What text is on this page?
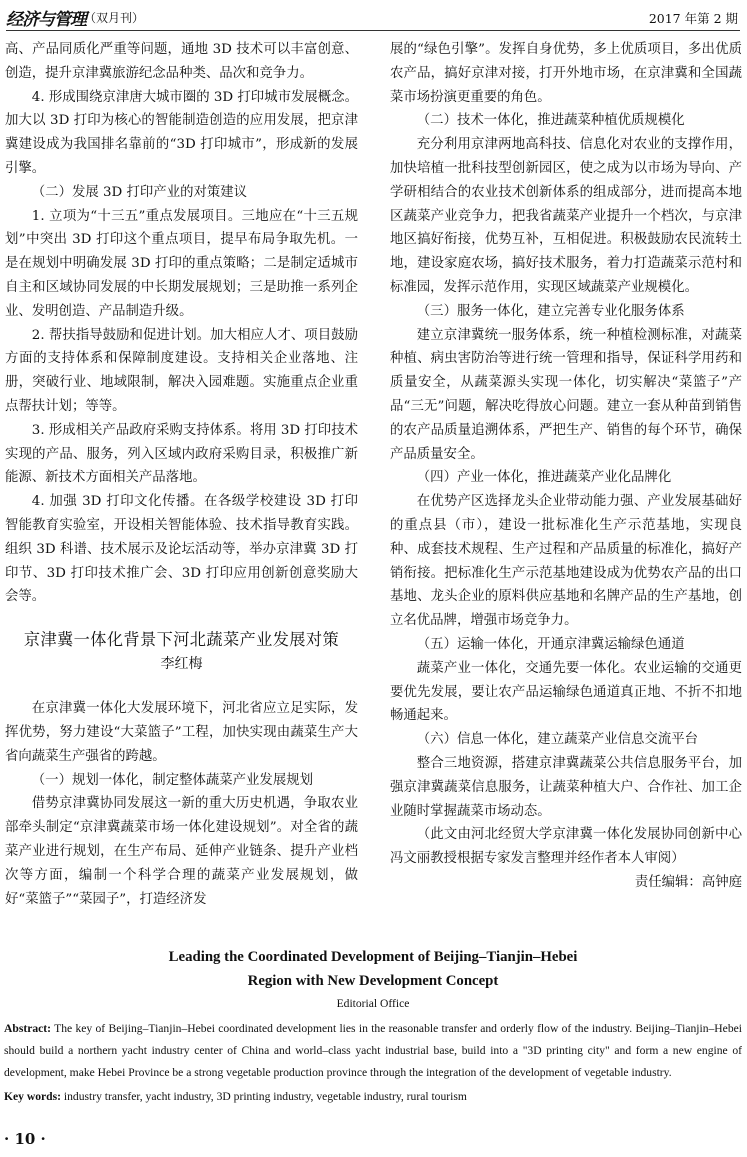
经济与管理
（双月刊）	2017 年第 2 期

高、产品同质化严重等问题，通地 3D 技术可以丰富创意、创造，提升京津冀旅游纪念品种类、品次和竞争力。

4. 形成围绕京津唐大城市圈的 3D 打印城市发展概念。加大以 3D 打印为核心的智能制造创造的应用发展，把京津冀建设成为我国排名靠前的“3D 打印城市”，形成新的发展引擎。

（二）发展 3D 打印产业的对策建议

1. 立项为“十三五”重点发展项目。三地应在“十三五规划”中突出 3D 打印这个重点项目，提早布局争取先机。一是在规划中明确发展 3D 打印的重点策略；二是制定适城市自主和区域协同发展的中长期发展规划；三是助推一系列企业、发明创造、产品制造升级。

2. 帮扶指导鼓励和促进计划。加大相应人才、项目鼓励方面的支持体系和保障制度建设。支持相关企业落地、注册，突破行业、地域限制，解决入园难题。实施重点企业重点帮扶计划；等等。

3. 形成相关产品政府采购支持体系。将用 3D 打印技术实现的产品、服务，列入区域内政府采购目录，积极推广新能源、新技术方面相关产品落地。

4. 加强 3D 打印文化传播。在各级学校建设 3D 打印智能教育实验室，开设相关智能体验、技术指导教育实践。组织 3D 科谱、技术展示及论坛活动等，举办京津冀 3D 打印节、3D 打印技术推广会、3D 打印应用创新创意奖励大会等。

京津冀一体化背景下河北蔬菜产业发展对策
李红梅

在京津冀一体化大发展环境下，河北省应立足实际，发挥优势，努力建设“大菜篮子”工程，加快实现由蔬菜生产大省向蔬菜生产强省的跨越。

（一）规划一体化，制定整体蔬菜产业发展规划

借势京津冀协同发展这一新的重大历史机遇，争取农业部牵头制定“京津冀蔬菜市场一体化建设规划”。对全省的蔬菜产业进行规划，在生产布局、延伸产业链条、提升产业档次等方面，编制一个科学合理的蔬菜产业发展规划，做好“菜篮子”“菜园子”，打造经济发

展的“绿色引擎”。发挥自身优势，多上优质项目，多出优质农产品，搞好京津对接，打开外地市场，在京津冀和全国蔬菜市场扮演更重要的角色。

（二）技术一体化，推进蔬菜种植优质规模化

充分利用京津两地高科技、信息化对农业的支撑作用，加快培植一批科技型创新园区，使之成为以市场为导向、产学研相结合的农业技术创新体系的组成部分，进而提高本地区蔬菜产业竞争力，把我省蔬菜产业提升一个档次，与京津地区搞好衔接，优势互补，互相促进。积极鼓励农民流转土地，建设家庭农场，搞好技术服务，着力打造蔬菜示范村和标准园，发挥示范作用，实现区域蔬菜产业规模化。

（三）服务一体化，建立完善专业化服务体系

建立京津冀统一服务体系，统一种植检测标准，对蔬菜种植、病虫害防治等进行统一管理和指导，保证科学用药和质量安全，从蔬菜源头实现一体化，切实解决“菜篮子”产品“三无”问题，解决吃得放心问题。建立一套从种苗到销售的农产品质量追溯体系，严把生产、销售的每个环节，确保产品质量安全。

（四）产业一体化，推进蔬菜产业化品牌化

在优势产区选择龙头企业带动能力强、产业发展基础好的重点县（市），建设一批标准化生产示范基地，实现良种、成套技术规程、生产过程和产品质量的标准化，搞好产销衔接。把标准化生产示范基地建设成为优势农产品的出口基地、龙头企业的原料供应基地和名牌产品的生产基地，创立名优品牌，增强市场竞争力。

（五）运输一体化，开通京津冀运输绿色通道

蔬菜产业一体化，交通先要一体化。农业运输的交通更要优先发展，要让农产品运输绿色通道真正地、不折不扣地畅通起来。

（六）信息一体化，建立蔬菜产业信息交流平台

整合三地资源，搭建京津冀蔬菜公共信息服务平台，加强京津冀蔬菜信息服务，让蔬菜种植大户、合作社、加工企业随时掌握蔬菜市场动态。

（此文由河北经贸大学京津冀一体化发展协同创新中心冯文丽教授根据专家发言整理并经作者本人审阅）

责任编辑：高钟庭

Leading the Coordinated Development of Beijing–Tianjin–Hebei
Region with New Development Concept
Editorial Office
Abstract: The key of Beijing–Tianjin–Hebei coordinated development lies in the reasonable transfer and orderly flow of the industry. Beijing–Tianjin–Hebei should build a northern yacht industry center of China and world–class yacht industrial base, build into a "3D printing city" and form a new engine of development, make Hebei Province be a strong vegetable production province through the integration of the development of vegetable industry.
Key words: industry transfer, yacht industry, 3D printing industry, vegetable industry, rural tourism
· 10 ·
